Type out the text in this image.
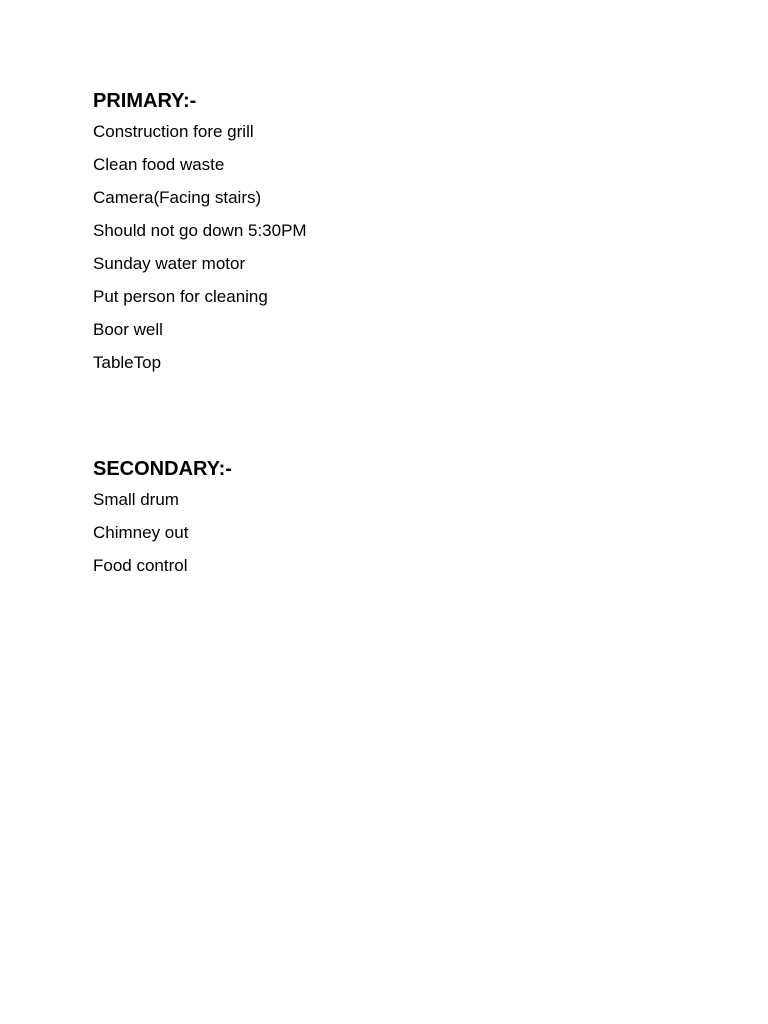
PRIMARY:-
Construction fore grill
Clean food waste
Camera(Facing stairs)
Should not go down 5:30PM
Sunday water motor
Put person for cleaning
Boor well
TableTop
SECONDARY:-
Small drum
Chimney out
Food control
